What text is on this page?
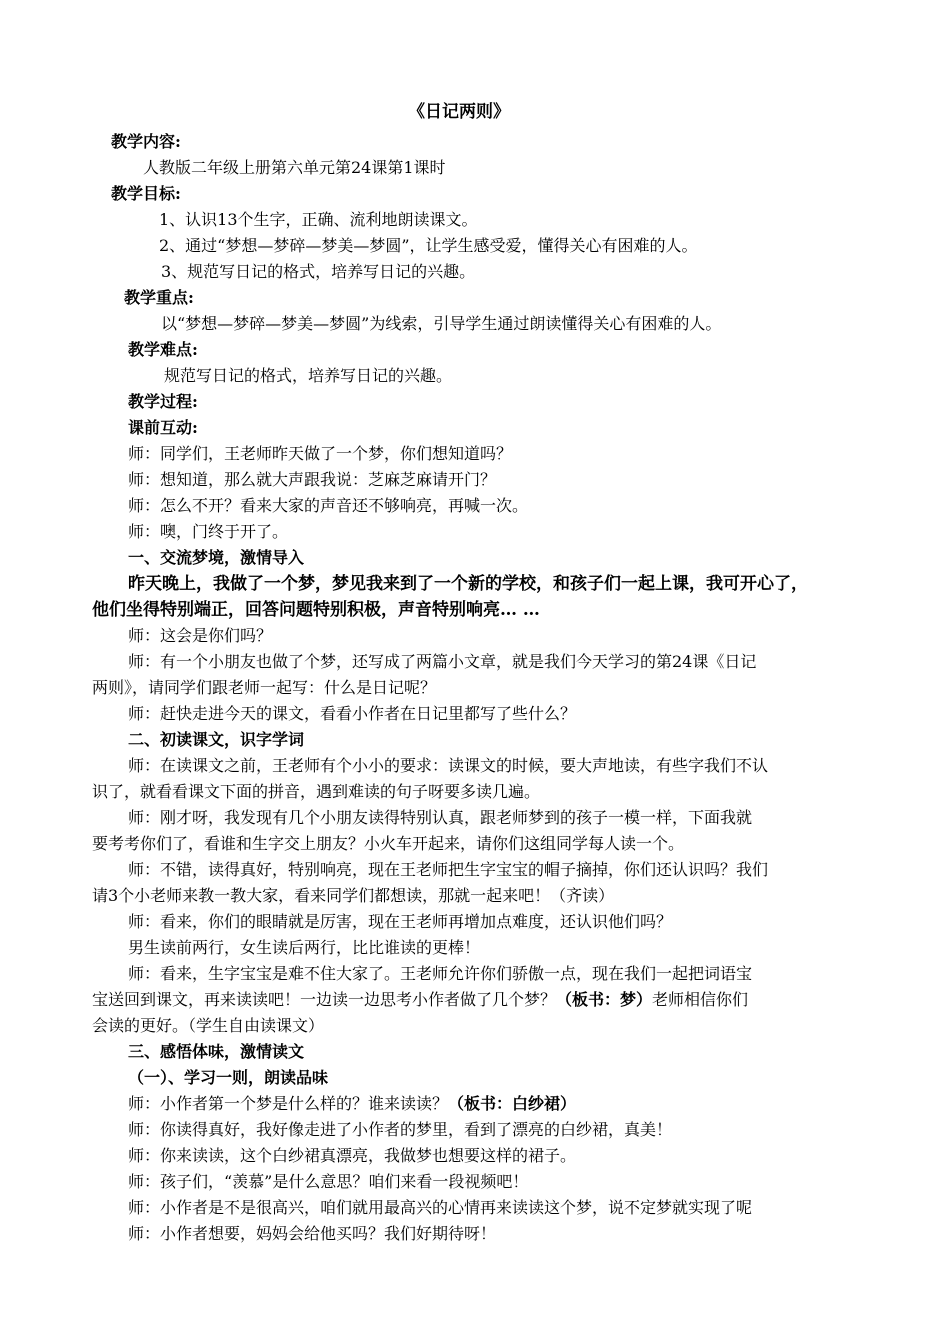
《日记两则》
教学内容:
人教版二年级上册第六单元第24课第1课时
教学目标:
1、认识13个生字，正确、流利地朗读课文。
2、通过“梦想—梦碎—梦美—梦圆”，让学生感受爱，懂得关心有困难的人。
3、规范写日记的格式，培养写日记的兴趣。
教学重点:
以“梦想—梦碎—梦美—梦圆”为线索，引导学生通过朗读懂得关心有困难的人。
教学难点:
规范写日记的格式，培养写日记的兴趣。
教学过程:
课前互动:
师：同学们，王老师昨天做了一个梦，你们想知道吗？
师：想知道，那么就大声跟我说：芝麻芝麻请开门？
师：怎么不开？看来大家的声音还不够响亮，再喊一次。
师：噢，门终于开了。
一、交流梦境，激情导入
昨天晚上，我做了一个梦，梦见我来到了一个新的学校，和孩子们一起上课，我可开心了，
他们坐得特别端正，回答问题特别积极，声音特别响亮… …
师：这会是你们吗？
师：有一个小朋友也做了个梦，还写成了两篇小文章，就是我们今天学习的第24课《日记
两则》，请同学们跟老师一起写：什么是日记呢？
师：赶快走进今天的课文，看看小作者在日记里都写了些什么？
二、初读课文，识字学词
师：在读课文之前，王老师有个小小的要求：读课文的时候，要大声地读，有些字我们不认
识了，就看看课文下面的拼音，遇到难读的句子呀要多读几遍。
师：刚才呀，我发现有几个小朋友读得特别认真，跟老师梦到的孩子一模一样，下面我就
要考考你们了，看谁和生字交上朋友？小火车开起来，请你们这组同学每人读一个。
师：不错，读得真好，特别响亮，现在王老师把生字宝宝的帽子摘掉，你们还认识吗？我们
请3个小老师来教一教大家，看来同学们都想读，那就一起来吧！（齐读）
师：看来，你们的眼睛就是厉害，现在王老师再增加点难度，还认识他们吗？
男生读前两行，女生读后两行，比比谁读的更棒！
师：看来，生字宝宝是难不住大家了。王老师允许你们骄傲一点，现在我们一起把词语宝
宝送回到课文，再来读读吧！一边读一边思考小作者做了几个梦？（板书：梦）老师相信你们
会读的更好。（学生自由读课文）
三、感悟体味，激情读文
（一）、学习一则，朗读品味
师：小作者第一个梦是什么样的？谁来读读？（板书：白纱裙）
师：你读得真好，我好像走进了小作者的梦里，看到了漂亮的白纱裙，真美！
师：你来读读，这个白纱裙真漂亮，我做梦也想要这样的裙子。
师：孩子们，“羡慕”是什么意思？咱们来看一段视频吧！
师：小作者是不是很高兴，咱们就用最高兴的心情再来读读这个梦，说不定梦就实现了呢
师：小作者想要，妈妈会给他买吗？我们好期待呀！
